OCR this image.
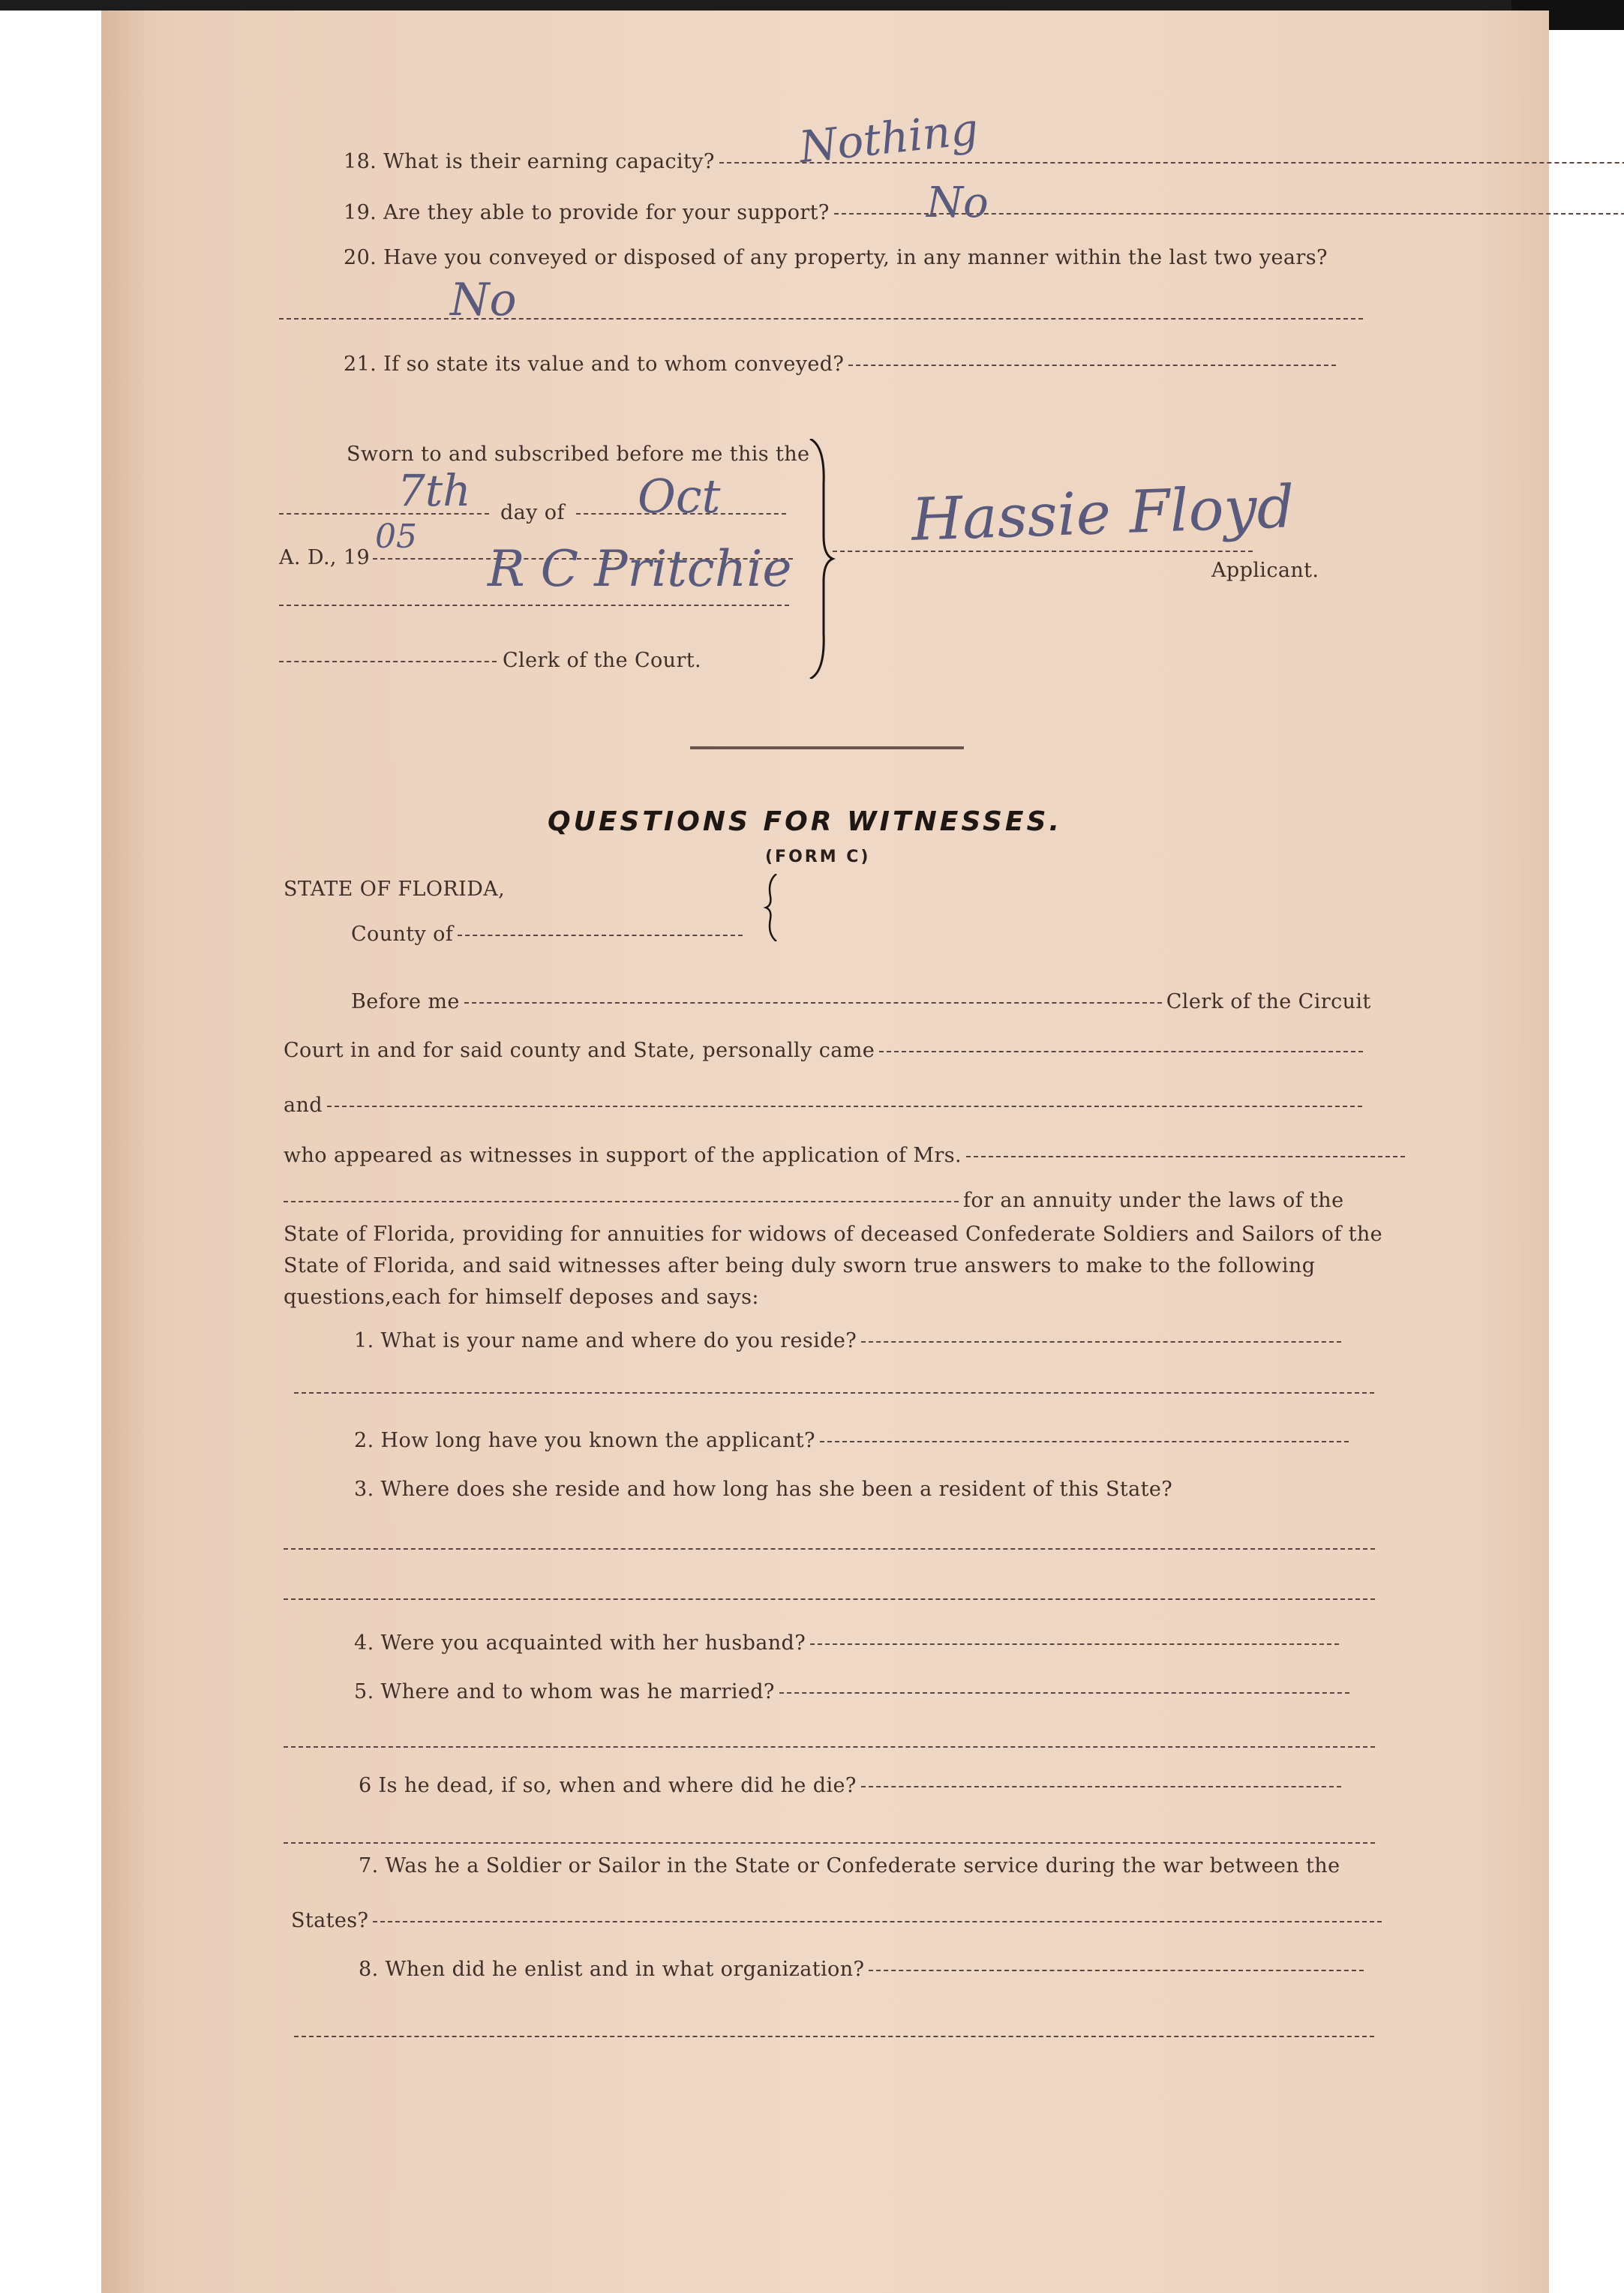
18. What is their earning capacity?	Nothing
19. Are they able to provide for your support?	No
20. Have you conveyed or disposed of any property, in any manner within the last two years?
No
21. If so state its value and to whom conveyed?
Sworn to and subscribed before me this the
day of
7th	Oct
A. D., 19
05
R C Pritchie
Clerk of the Court.
Hassie Floyd
Applicant.
QUESTIONS FOR WITNESSES.
(FORM C)
STATE OF FLORIDA,
County of
Before me	Clerk of the Circuit
Court in and for said county and State, personally came
and
who appeared as witnesses in support of the application of Mrs.
for an annuity under the laws of the
State of Florida, providing for annuities for widows of deceased Confederate Soldiers and Sailors of the
State of Florida, and said witnesses after being duly sworn true answers to make to the following
questions,each for himself deposes and says:
1. What is your name and where do you reside?
2. How long have you known the applicant?
3. Where does she reside and how long has she been a resident of this State?
4. Were you acquainted with her husband?
5. Where and to whom was he married?
6 Is he dead, if so, when and where did he die?
7. Was he a Soldier or Sailor in the State or Confederate service during the war between the
States?
8. When did he enlist and in what organization?
